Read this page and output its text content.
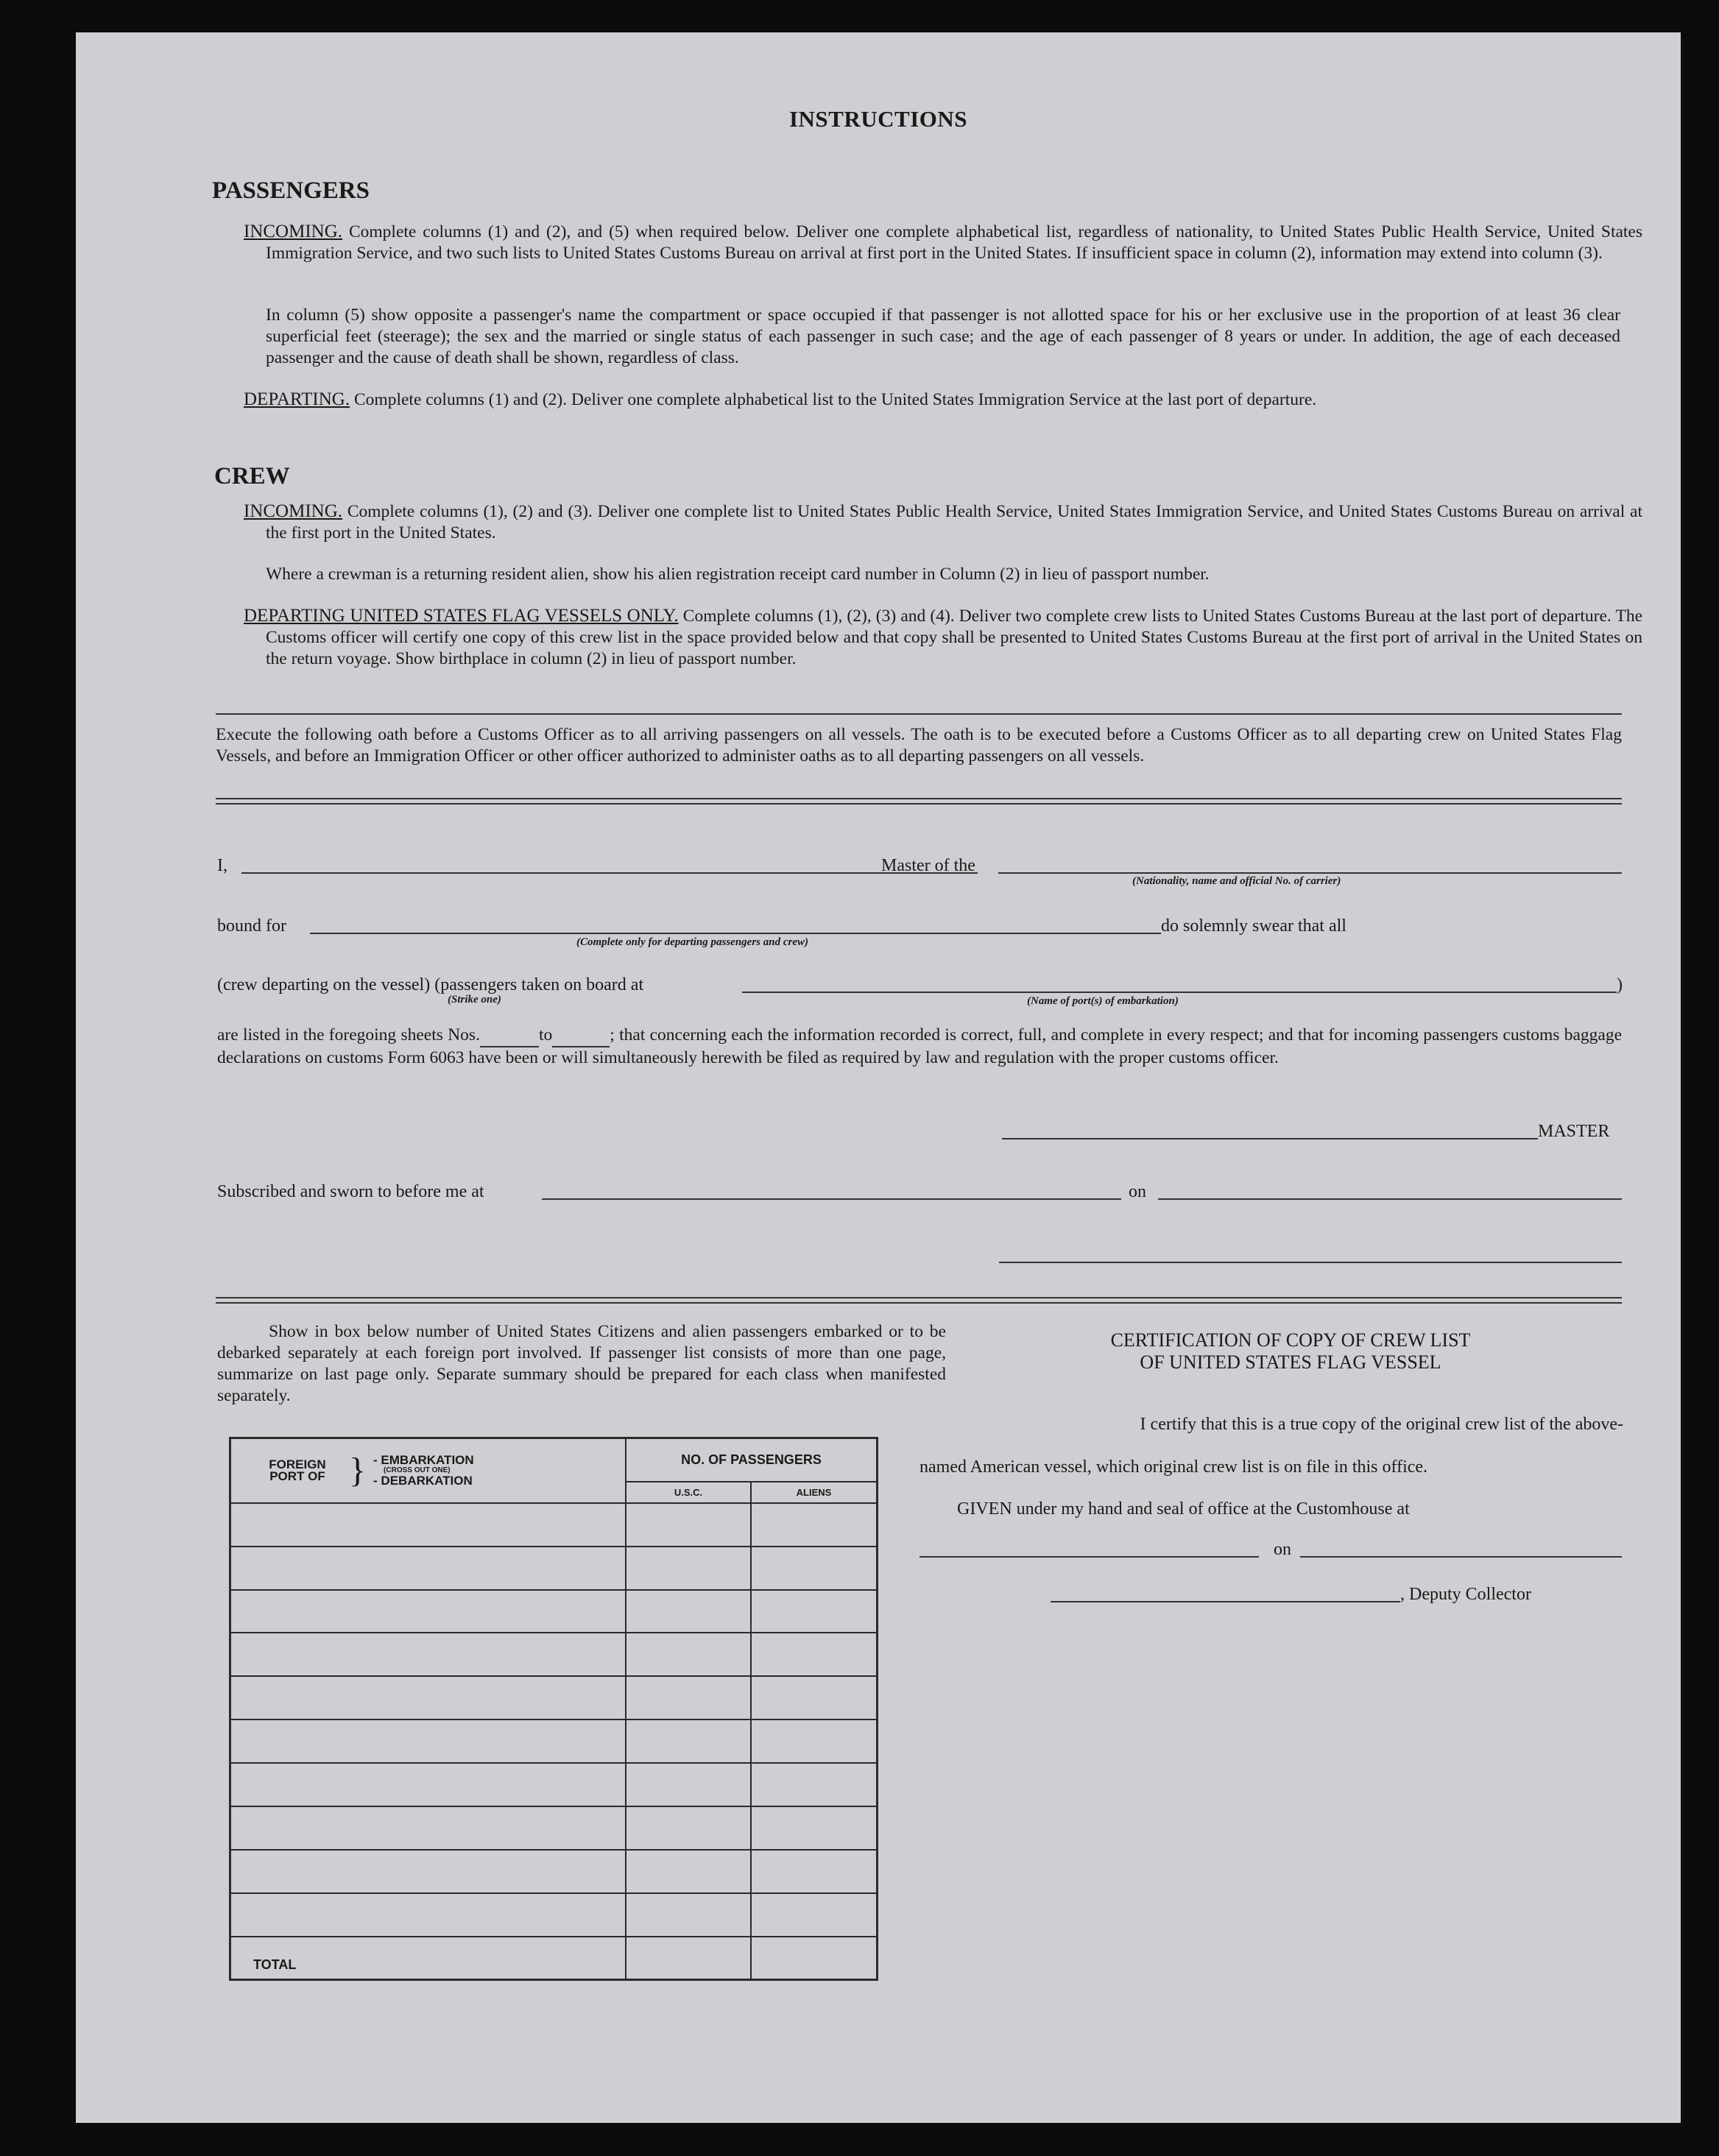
INSTRUCTIONS
PASSENGERS

INCOMING. Complete columns (1) and (2), and (5) when required below. Deliver one complete alphabetical list, regardless of nationality, to United States Public Health Service, United States Immigration Service, and two such lists to United States Customs Bureau on arrival at first port in the United States. If insufficient space in column (2), information may extend into column (3).

In column (5) show opposite a passenger's name the compartment or space occupied if that passenger is not allotted space for his or her exclusive use in the proportion of at least 36 clear superficial feet (steerage); the sex and the married or single status of each passenger in such case; and the age of each passenger of 8 years or under. In addition, the age of each deceased passenger and the cause of death shall be shown, regardless of class.

DEPARTING. Complete columns (1) and (2). Deliver one complete alphabetical list to the United States Immigration Service at the last port of departure.

CREW

INCOMING. Complete columns (1), (2) and (3). Deliver one complete list to United States Public Health Service, United States Immigration Service, and United States Customs Bureau on arrival at the first port in the United States.

Where a crewman is a returning resident alien, show his alien registration receipt card number in Column (2) in lieu of passport number.

DEPARTING UNITED STATES FLAG VESSELS ONLY. Complete columns (1), (2), (3) and (4). Deliver two complete crew lists to United States Customs Bureau at the last port of departure. The Customs officer will certify one copy of this crew list in the space provided below and that copy shall be presented to United States Customs Bureau at the first port of arrival in the United States on the return voyage. Show birthplace in column (2) in lieu of passport number.

Execute the following oath before a Customs Officer as to all arriving passengers on all vessels. The oath is to be executed before a Customs Officer as to all departing crew on United States Flag Vessels, and before an Immigration Officer or other officer authorized to administer oaths as to all departing passengers on all vessels.

I,	Master of the
(Nationality, name and official No. of carrier)
bound for
(Complete only for departing passengers and crew)
do solemnly swear that all
(crew departing on the vessel) (passengers taken on board at
(Strike one)	(Name of port(s) of embarkation)
)

are listed in the foregoing sheets Nos.	to	; that concerning each the information recorded is correct, full, and complete in every respect; and that for incoming passengers customs baggage declarations on customs Form 6063 have been or will simultaneously herewith be filed as required by law and regulation with the proper customs officer.

MASTER
Subscribed and sworn to before me at	on

Show in box below number of United States Citizens and alien passengers embarked or to be debarked separately at each foreign port involved. If passenger list consists of more than one page, summarize on last page only. Separate summary should be prepared for each class when manifested separately.

FOREIGN PORT OF } - EMBARKATION
(CROSS OUT ONE)
- DEBARKATION	NO. OF PASSENGERS	
	U.S.C.	ALIENS

TOTAL		
CERTIFICATION OF COPY OF CREW LIST
OF UNITED STATES FLAG VESSEL
I certify that this is a true copy of the original crew list of the above-
named American vessel, which original crew list is on file in this office.
GIVEN under my hand and seal of office at the Customhouse at
on
, Deputy Collector
